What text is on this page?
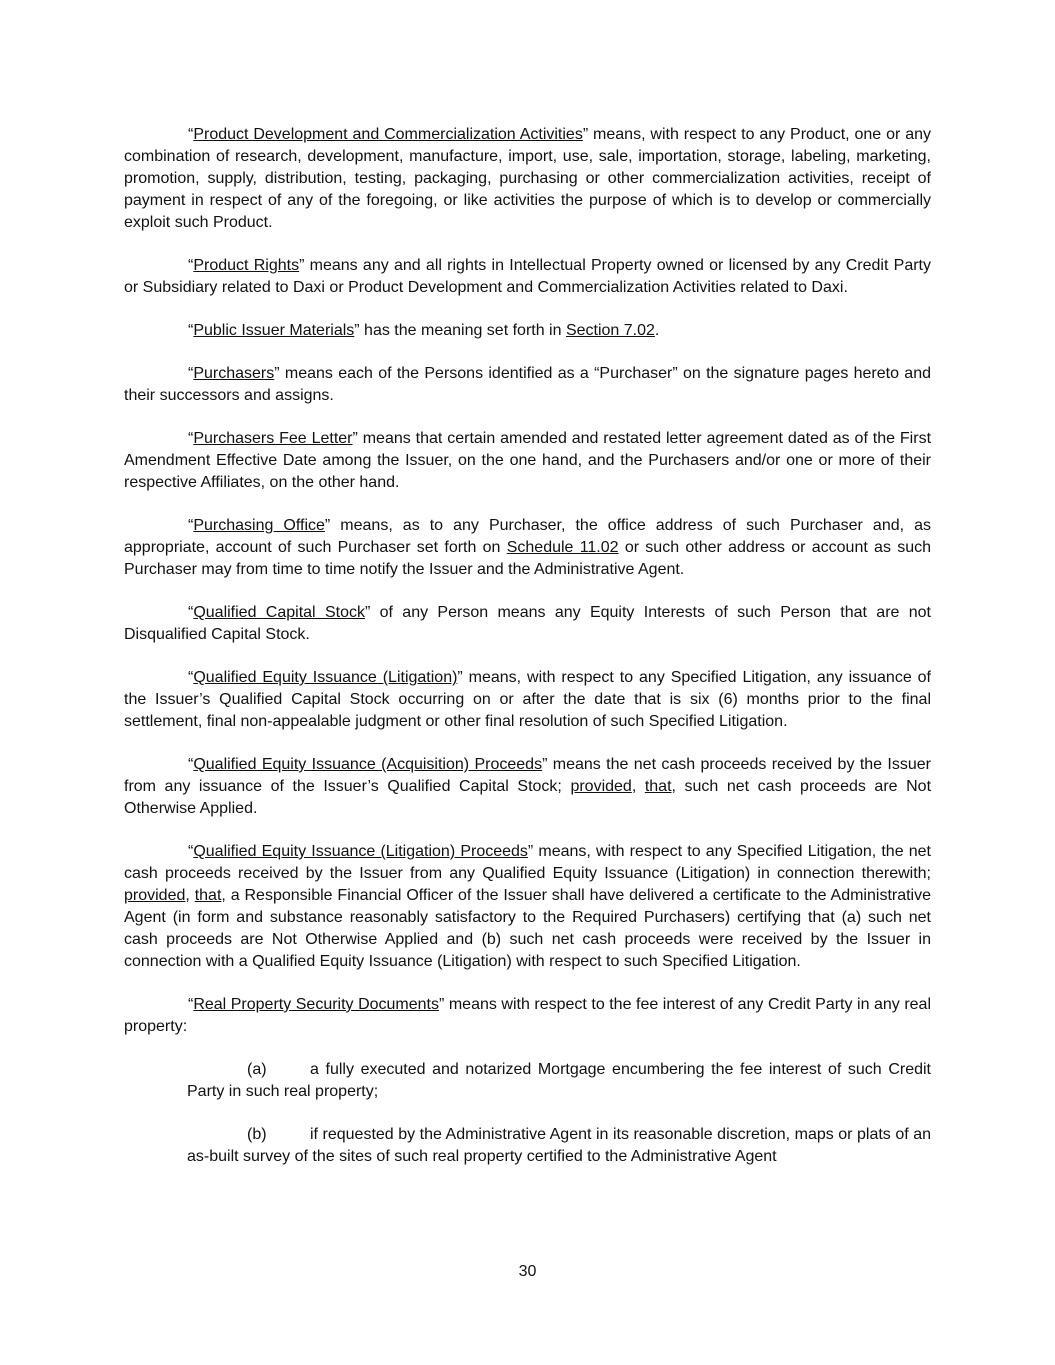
“Product Development and Commercialization Activities” means, with respect to any Product, one or any combination of research, development, manufacture, import, use, sale, importation, storage, labeling, marketing, promotion, supply, distribution, testing, packaging, purchasing or other commercialization activities, receipt of payment in respect of any of the foregoing, or like activities the purpose of which is to develop or commercially exploit such Product.

“Product Rights” means any and all rights in Intellectual Property owned or licensed by any Credit Party or Subsidiary related to Daxi or Product Development and Commercialization Activities related to Daxi.

“Public Issuer Materials” has the meaning set forth in Section 7.02.

“Purchasers” means each of the Persons identified as a “Purchaser” on the signature pages hereto and their successors and assigns.

“Purchasers Fee Letter” means that certain amended and restated letter agreement dated as of the First Amendment Effective Date among the Issuer, on the one hand, and the Purchasers and/or one or more of their respective Affiliates, on the other hand.

“Purchasing Office” means, as to any Purchaser, the office address of such Purchaser and, as appropriate, account of such Purchaser set forth on Schedule 11.02 or such other address or account as such Purchaser may from time to time notify the Issuer and the Administrative Agent.

“Qualified Capital Stock” of any Person means any Equity Interests of such Person that are not Disqualified Capital Stock.

“Qualified Equity Issuance (Litigation)” means, with respect to any Specified Litigation, any issuance of the Issuer’s Qualified Capital Stock occurring on or after the date that is six (6) months prior to the final settlement, final non-appealable judgment or other final resolution of such Specified Litigation.

“Qualified Equity Issuance (Acquisition) Proceeds” means the net cash proceeds received by the Issuer from any issuance of the Issuer’s Qualified Capital Stock; provided, that, such net cash proceeds are Not Otherwise Applied.

“Qualified Equity Issuance (Litigation) Proceeds” means, with respect to any Specified Litigation, the net cash proceeds received by the Issuer from any Qualified Equity Issuance (Litigation) in connection therewith; provided, that, a Responsible Financial Officer of the Issuer shall have delivered a certificate to the Administrative Agent (in form and substance reasonably satisfactory to the Required Purchasers) certifying that (a) such net cash proceeds are Not Otherwise Applied and (b) such net cash proceeds were received by the Issuer in connection with a Qualified Equity Issuance (Litigation) with respect to such Specified Litigation.

“Real Property Security Documents” means with respect to the fee interest of any Credit Party in any real property:

(a)	a fully executed and notarized Mortgage encumbering the fee interest of such Credit Party in such real property;

(b)	if requested by the Administrative Agent in its reasonable discretion, maps or plats of an as-built survey of the sites of such real property certified to the Administrative Agent

30
